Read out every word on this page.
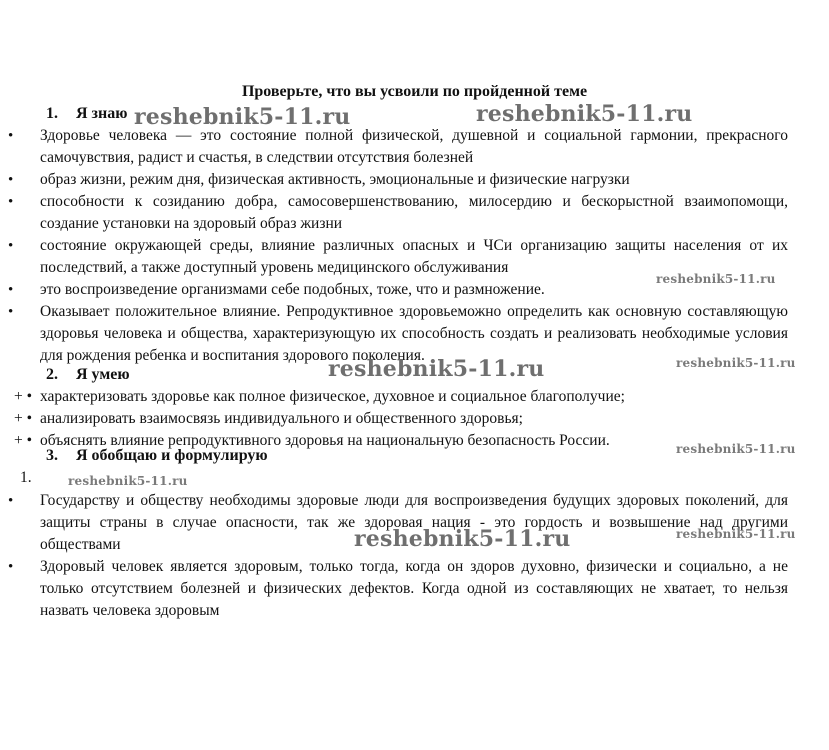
Проверьте, что вы усвоили по пройденной теме
1. Я знаю
• Здоровье человека — это состояние полной физической, душевной и социальной гармонии, прекрасного самочувствия, радист и счастья, в следствии отсутствия болезней
• образ жизни, режим дня, физическая активность, эмоциональные и физические нагрузки
• способности к созиданию добра, самосовершенствованию, милосердию и бескорыстной взаимопомощи, создание установки на здоровый образ жизни
• состояние окружающей среды, влияние различных опасных и ЧСи организацию защиты населения от их последствий, а также доступный уровень медицинского обслуживания
• это воспроизведение организмами себе подобных, тоже, что и размножение.
• Оказывает положительное влияние. Репродуктивное здоровьеможно определить как основную составляющую здоровья человека и общества, характеризующую их способность создать и реализовать необходимые условия для рождения ребенка и воспитания здорового поколения.
2. Я умею
+ • характеризовать здоровье как полное физическое, духовное и социальное благополучие;
+ • анализировать взаимосвязь индивидуального и общественного здоровья;
+ • объяснять влияние репродуктивного здоровья на национальную безопасность России.
3. Я обобщаю и формулирую
1.
• Государству и обществу необходимы здоровые люди для воспроизведения будущих здоровых поколений, для защиты страны в случае опасности, так же здоровая нация - это гордость и возвышение над другими обществами
• Здоровый человек является здоровым, только тогда, когда он здоров духовно, физически и социально, а не только отсутствием болезней и физических дефектов. Когда одной из составляющих не хватает, то нельзя назвать человека здоровым
reshebnik5-11.ru	reshebnik5-11.ru
reshebnik5-11.ru
reshebnik5-11.ru
reshebnik5-11.ru
reshebnik5-11.ru
reshebnik5-11.ru
reshebnik5-11.ru
reshebnik5-11.ru
